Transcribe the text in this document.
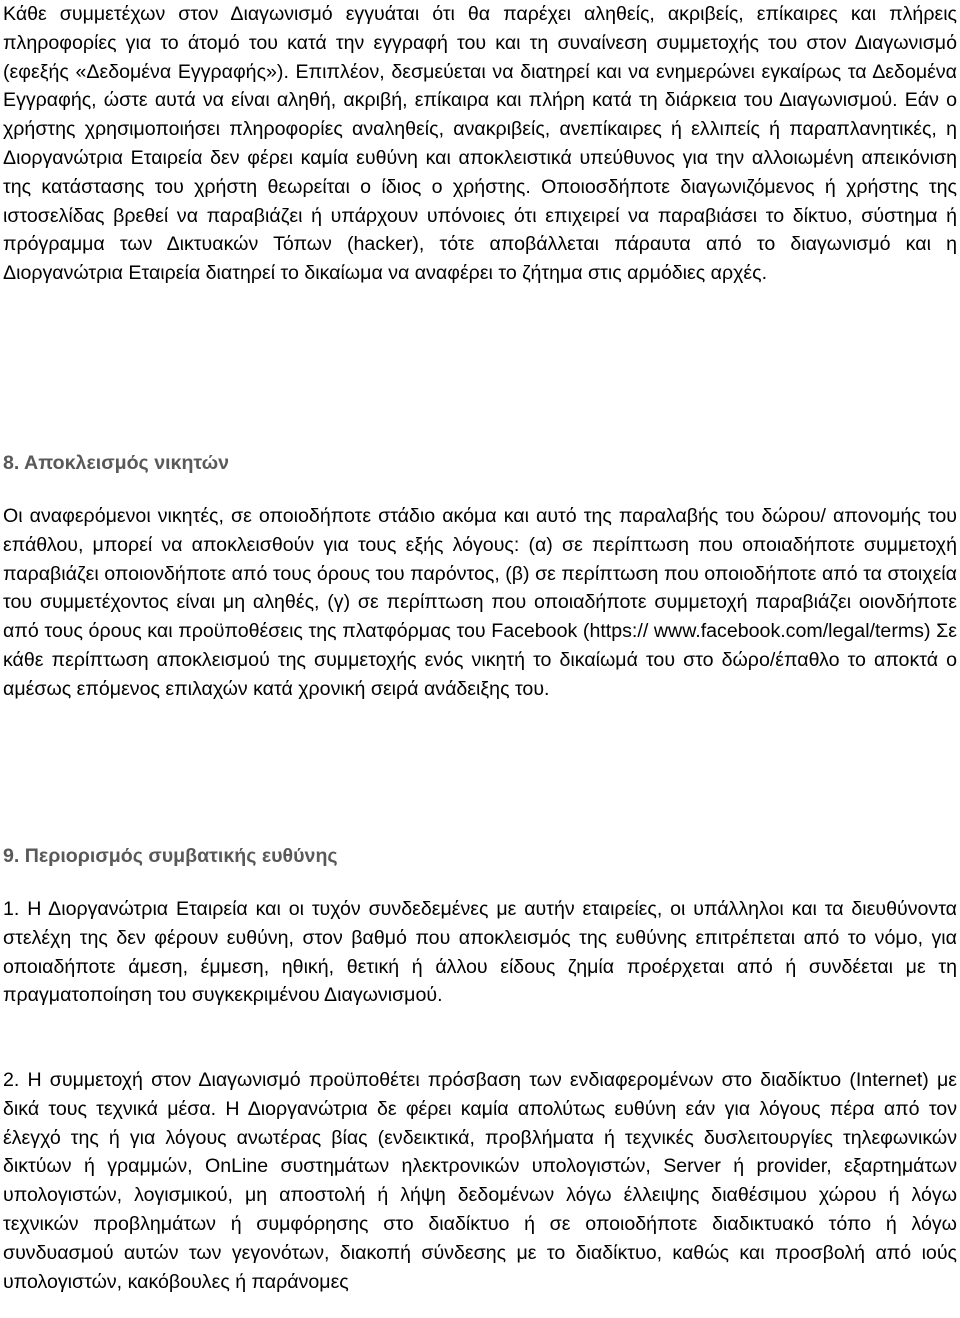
Κάθε συμμετέχων στον Διαγωνισμό εγγυάται ότι θα παρέχει αληθείς, ακριβείς, επίκαιρες και πλήρεις πληροφορίες για το άτομό του κατά την εγγραφή του και τη συναίνεση συμμετοχής του στον Διαγωνισμό (εφεξής «Δεδομένα Εγγραφής»). Επιπλέον, δεσμεύεται να διατηρεί και να ενημερώνει εγκαίρως τα Δεδομένα Εγγραφής, ώστε αυτά να είναι αληθή, ακριβή, επίκαιρα και πλήρη κατά τη διάρκεια του Διαγωνισμού. Εάν ο χρήστης χρησιμοποιήσει πληροφορίες αναληθείς, ανακριβείς, ανεπίκαιρες ή ελλιπείς ή παραπλανητικές, η Διοργανώτρια Εταιρεία δεν φέρει καμία ευθύνη και αποκλειστικά υπεύθυνος για την αλλοιωμένη απεικόνιση της κατάστασης του χρήστη θεωρείται ο ίδιος ο χρήστης. Οποιοσδήποτε διαγωνιζόμενος ή χρήστης της ιστοσελίδας βρεθεί να παραβιάζει ή υπάρχουν υπόνοιες ότι επιχειρεί να παραβιάσει το δίκτυο, σύστημα ή πρόγραμμα των Δικτυακών Τόπων (hacker), τότε αποβάλλεται πάραυτα από το διαγωνισμό και η Διοργανώτρια Εταιρεία διατηρεί το δικαίωμα να αναφέρει το ζήτημα στις αρμόδιες αρχές.

8. Αποκλεισμός νικητών

Οι αναφερόμενοι νικητές, σε οποιοδήποτε στάδιο ακόμα και αυτό της παραλαβής του δώρου/ απονομής του επάθλου, μπορεί να αποκλεισθούν για τους εξής λόγους: (α) σε περίπτωση που οποιαδήποτε συμμετοχή παραβιάζει οποιονδήποτε από τους όρους του παρόντος, (β) σε περίπτωση που οποιοδήποτε από τα στοιχεία του συμμετέχοντος είναι μη αληθές, (γ) σε περίπτωση που οποιαδήποτε συμμετοχή παραβιάζει οιονδήποτε από τους όρους και προϋποθέσεις της πλατφόρμας του Facebook (https:// www.facebook.com/legal/terms) Σε κάθε περίπτωση αποκλεισμού της συμμετοχής ενός νικητή το δικαίωμά του στο δώρο/έπαθλο το αποκτά ο αμέσως επόμενος επιλαχών κατά χρονική σειρά ανάδειξης του.

9. Περιορισμός συμβατικής ευθύνης

1. Η Διοργανώτρια Εταιρεία και οι τυχόν συνδεδεμένες με αυτήν εταιρείες, οι υπάλληλοι και τα διευθύνοντα στελέχη της δεν φέρουν ευθύνη, στον βαθμό που αποκλεισμός της ευθύνης επιτρέπεται από το νόμο, για οποιαδήποτε άμεση, έμμεση, ηθική, θετική ή άλλου είδους ζημία προέρχεται από ή συνδέεται με τη πραγματοποίηση του συγκεκριμένου Διαγωνισμού.

2. Η συμμετοχή στον Διαγωνισμό προϋποθέτει πρόσβαση των ενδιαφερομένων στο διαδίκτυο (Internet) με δικά τους τεχνικά μέσα. Η Διοργανώτρια δε φέρει καμία απολύτως ευθύνη εάν για λόγους πέρα από τον έλεγχό της ή για λόγους ανωτέρας βίας (ενδεικτικά, προβλήματα ή τεχνικές δυσλειτουργίες τηλεφωνικών δικτύων ή γραμμών, OnLine συστημάτων ηλεκτρονικών υπολογιστών, Server ή provider, εξαρτημάτων υπολογιστών, λογισμικού, μη αποστολή ή λήψη δεδομένων λόγω έλλειψης διαθέσιμου χώρου ή λόγω τεχνικών προβλημάτων ή συμφόρησης στο διαδίκτυο ή σε οποιοδήποτε διαδικτυακό τόπο ή λόγω συνδυασμού αυτών των γεγονότων, διακοπή σύνδεσης με το διαδίκτυο, καθώς και προσβολή από ιούς υπολογιστών, κακόβουλες ή παράνομες
